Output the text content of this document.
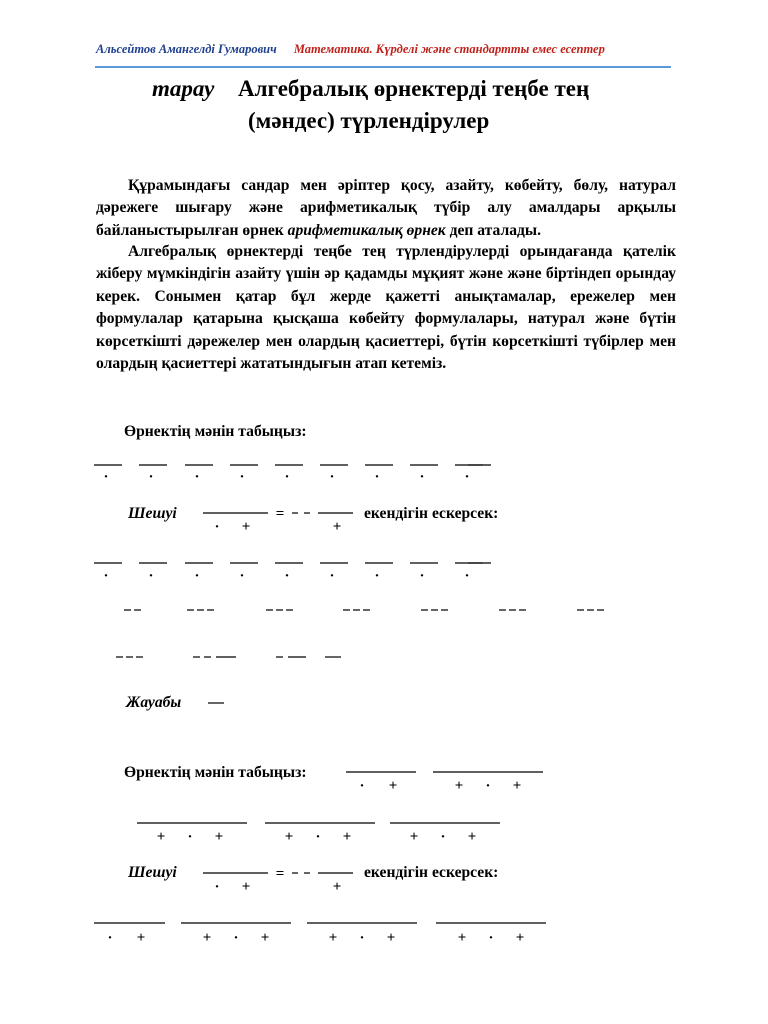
Альсейтов Амангелді Гумарович Математика. Күрделі және стандартты емес есептер
тарау Алгебралық өрнектерді теңбе тең
(мәндес) түрлендірулер
Құрамындағы сандар мен әріптер қосу, азайту, көбейту, бөлу, натурал дәрежеге шығару және арифметикалық түбір алу амалдары арқылы байланыстырылған өрнек арифметикалық өрнек деп аталады.
Алгебралық өрнектерді теңбе тең түрлендірулерді орындағанда қателік жіберу мүмкіндігін азайту үшін әр қадамды мұқият және және біртіндеп орындау керек. Сонымен қатар бұл жерде қажетті анықтамалар, ережелер мен формулалар қатарына қысқаша көбейту формулалары, натурал және бүтін көрсеткішті дәрежелер мен олардың қасиеттері, бүтін көрсеткішті түбірлер мен олардың қасиеттері жататындығын атап кетеміз.
Өрнектің мәнін табыңыз:
Шешуі	екендігін ескерсек:
Жауабы
Өрнектің мәнін табыңыз:
Шешуі	екендігін ескерсек:
·	·	·	·	·	·	·	·	·
=
· +	+
·	·	·	·	·	·	·	·	·
· +	+ · +
+ · +	+ · +	+ · +
=
· +	+
· +	+ · +	+ · +	+ · +
